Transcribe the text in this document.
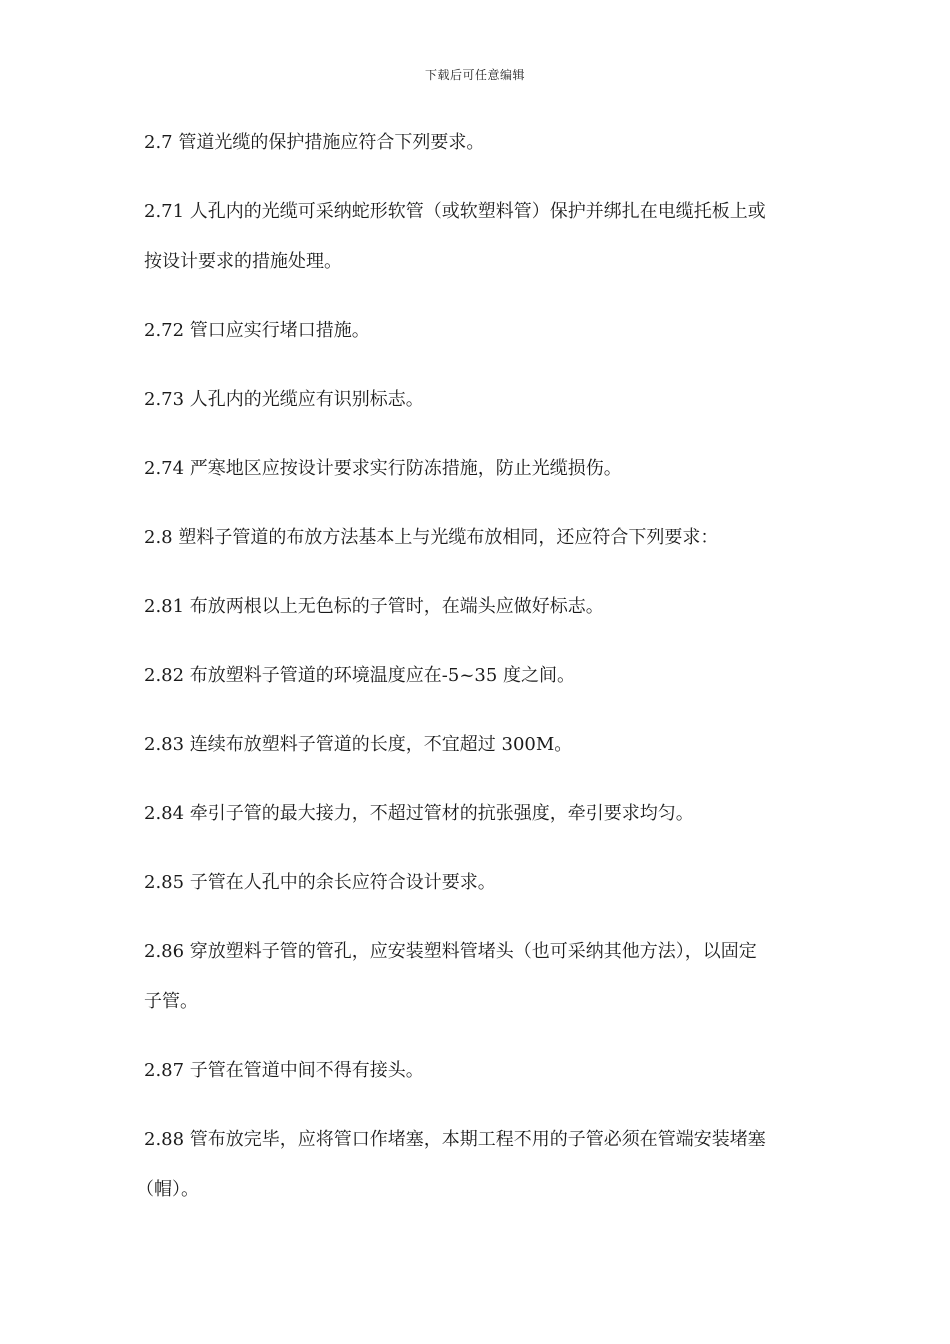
下载后可任意编辑
2.7 管道光缆的保护措施应符合下列要求。
2.71 人孔内的光缆可采纳蛇形软管（或软塑料管）保护并绑扎在电缆托板上或
按设计要求的措施处理。
2.72 管口应实行堵口措施。
2.73 人孔内的光缆应有识别标志。
2.74 严寒地区应按设计要求实行防冻措施，防止光缆损伤。
2.8 塑料子管道的布放方法基本上与光缆布放相同，还应符合下列要求：
2.81 布放两根以上无色标的子管时，在端头应做好标志。
2.82 布放塑料子管道的环境温度应在-5~35 度之间。
2.83 连续布放塑料子管道的长度，不宜超过 300M。
2.84 牵引子管的最大接力，不超过管材的抗张强度，牵引要求均匀。
2.85 子管在人孔中的余长应符合设计要求。
2.86 穿放塑料子管的管孔，应安装塑料管堵头（也可采纳其他方法），以固定
子管。
2.87 子管在管道中间不得有接头。
2.88 管布放完毕，应将管口作堵塞，本期工程不用的子管必须在管端安装堵塞
（帽）。
